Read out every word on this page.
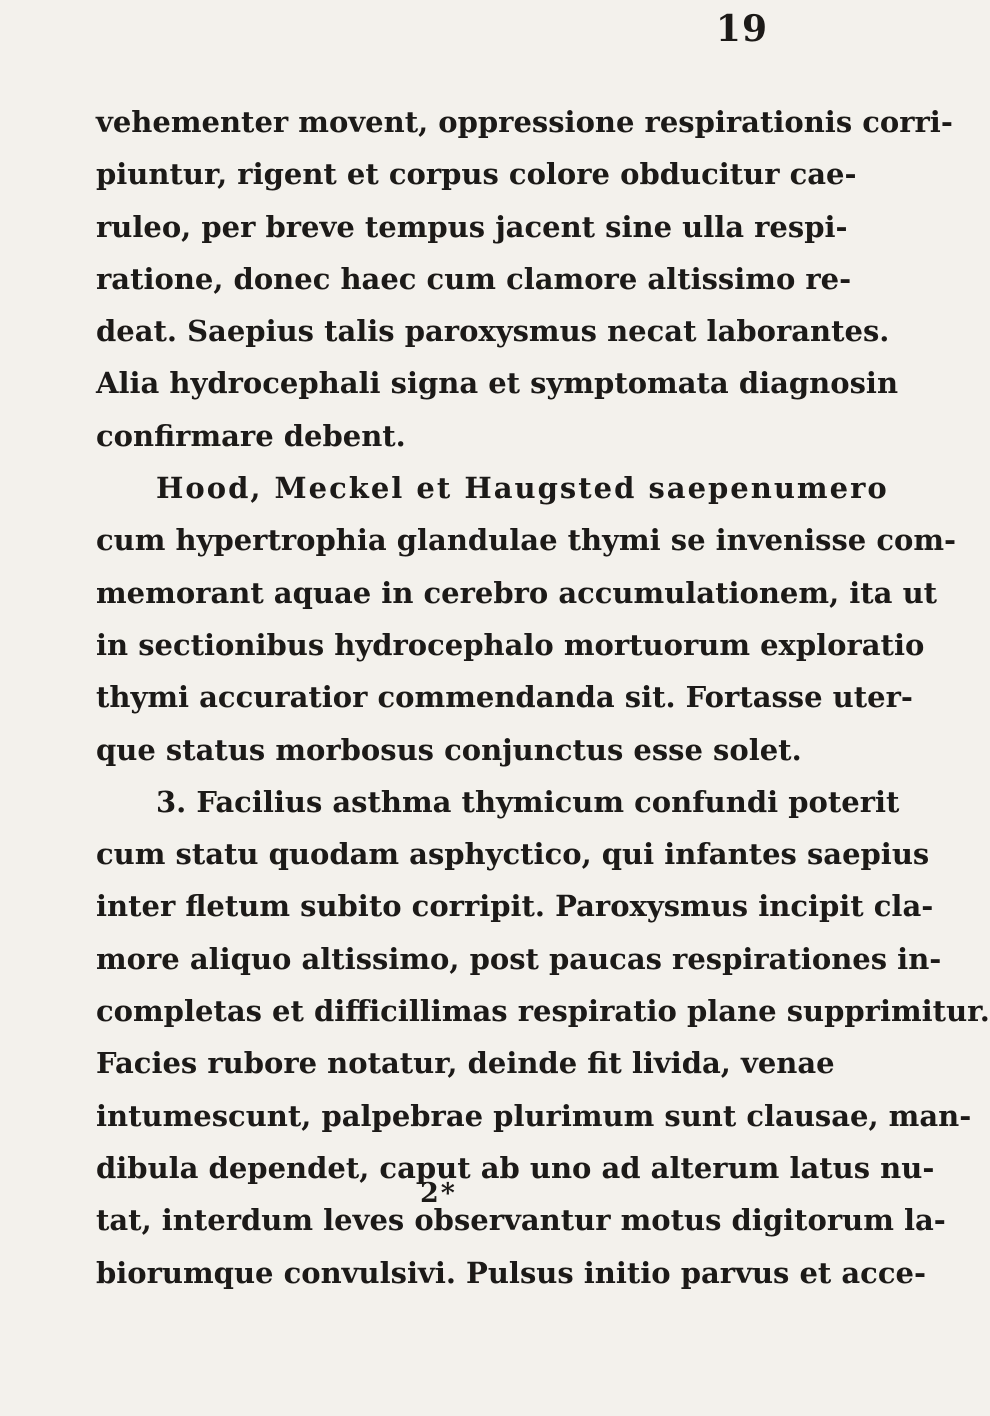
19
vehementer movent, oppressione respirationis corri-
piuntur, rigent et corpus colore obducitur cae-
ruleo, per breve tempus jacent sine ulla respi-
ratione, donec haec cum clamore altissimo re-
deat. Saepius talis paroxysmus necat laborantes.
Alia hydrocephali signa et symptomata diagnosin
confirmare debent.
Hood, Meckel et Haugsted saepenumero
cum hypertrophia glandulae thymi se invenisse com-
memorant aquae in cerebro accumulationem, ita ut
in sectionibus hydrocephalo mortuorum exploratio
thymi accuratior commendanda sit. Fortasse uter-
que status morbosus conjunctus esse solet.
3. Facilius asthma thymicum confundi poterit
cum statu quodam asphyctico, qui infantes saepius
inter fletum subito corripit. Paroxysmus incipit cla-
more aliquo altissimo, post paucas respirationes in-
completas et difficillimas respiratio plane supprimitur.
Facies rubore notatur, deinde fit livida, venae
intumescunt, palpebrae plurimum sunt clausae, man-
dibula dependet, caput ab uno ad alterum latus nu-
tat, interdum leves observantur motus digitorum la-
biorumque convulsivi. Pulsus initio parvus et acce-
2*
